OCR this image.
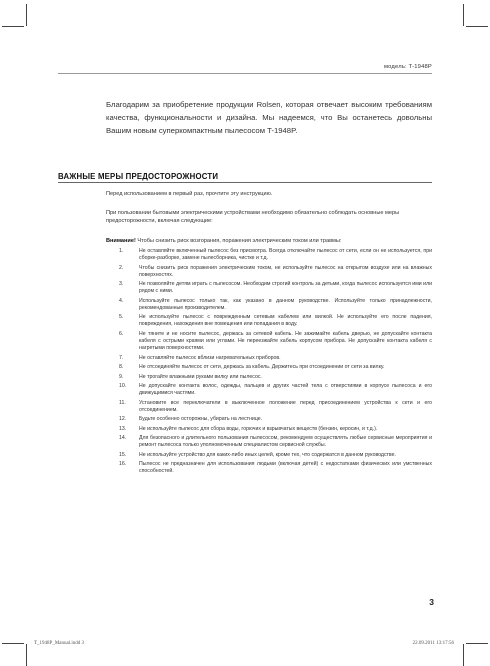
модель: T-1948P
Благодарим за приобретение продукции Rolsen, которая отвечает высоким требованиям качества, функциональности и дизайна. Мы надеемся, что Вы останетесь довольны Вашим новым суперкомпактным пылесосом T-1948P.
ВАЖНЫЕ МЕРЫ ПРЕДОСТОРОЖНОСТИ
Перед использованием в первый раз, прочтите эту инструкцию.
При пользовании бытовыми электрическими устройствами необходимо обязательно соблюдать основные меры предосторожности, включая следующие:
Внимание! Чтобы снизить риск возгорания, поражения электрическим током или травмы:
1.	Не оставляйте включенный пылесос без присмотра. Всегда отключайте пылесос от сети, если он не используется, при сборке-разборке, замене пылесборника, чистке и т.д.
2.	Чтобы снизить риск поражения электрическим током, не используйте пылесос на открытом воздухе или на влажных поверхностях.
3.	Не позволяйте детям играть с пылесосом. Необходим строгий контроль за детьми, когда пылесос используется ими или рядом с ними.
4.	Используйте пылесос только так, как указано в данном руководстве. Используйте только принадлежности, рекомендованные производителем.
5.	Не используйте пылесос с поврежденным сетевым кабелем или вилкой. Не используйте его после падения, повреждения, нахождения вне помещения или попадания в воду.
6.	Не тяните и не носите пылесос, держась за сетевой кабель. Не зажимайте кабель дверью, не допускайте контакта кабеля с острыми краями или углами. Не переезжайте кабель корпусом прибора. Не допускайте контакта кабеля с нагретыми поверхностями.
7.	Не оставляйте пылесос вблизи нагревательных приборов.
8.	Не отсоединяйте пылесос от сети, держась за кабель. Держитесь при отсоединении от сети за вилку.
9.	Не трогайте влажными руками вилку или пылесос.
10. Не допускайте контакта волос, одежды, пальцев и других частей тела с отверстиями в корпусе пылесоса и его движущимися частями.
11.	Установите все переключатели в выключенное положение перед присоединением устройства к сети и его отсоединением.
12. Будьте особенно осторожны, убирать на лестнице.
13. Не используйте пылесос для сбора воды, горючих и взрывчатых веществ (бензин, керосин, и т.д.).
14. Для безопасного и длительного пользования пылесосом, рекомендуем осуществлять любые сервисные мероприятия и ремонт пылесоса только уполномоченным специалистом сервисной службы.
15. Не используйте устройство для каких-либо иных целей, кроме тех, что содержатся в данном руководстве.
16. Пылесос не предназначен для использования людьми (включая детей) с недостатками физических или умственных способностей.
3
T_1948P_Manual.indd 3	22.09.2011 13:17:56
